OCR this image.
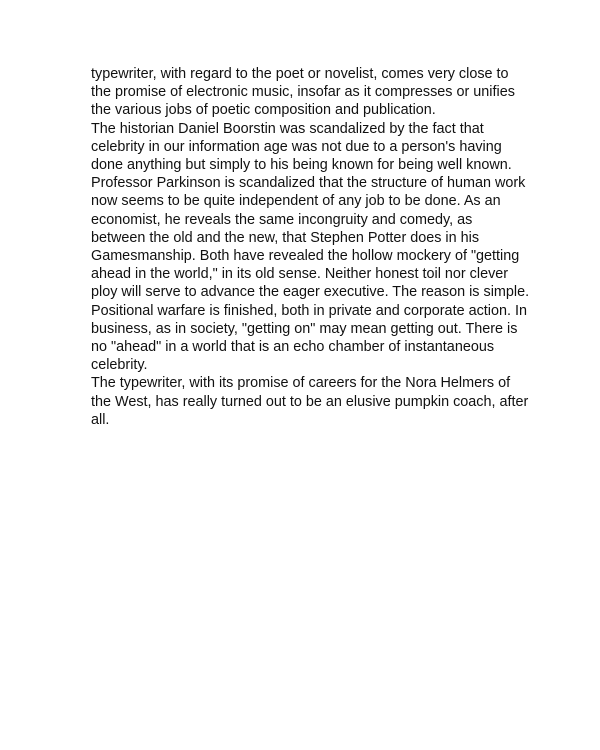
typewriter, with regard to the poet or novelist, comes very close to
the promise of electronic music, insofar as it compresses or unifies
the various jobs of poetic composition and publication.
The historian Daniel Boorstin was scandalized by the fact that
celebrity in our information age was not due to a person's having
done anything but simply to his being known for being well known.
Professor Parkinson is scandalized that the structure of human work
now seems to be quite independent of any job to be done. As an
economist, he reveals the same incongruity and comedy, as
between the old and the new, that Stephen Potter does in his
Gamesmanship. Both have revealed the hollow mockery of "getting
ahead in the world," in its old sense. Neither honest toil nor clever
ploy will serve to advance the eager executive. The reason is simple.
Positional warfare is finished, both in private and corporate action. In
business, as in society, "getting on" may mean getting out. There is
no "ahead" in a world that is an echo chamber of instantaneous
celebrity.
The typewriter, with its promise of careers for the Nora Helmers of
the West, has really turned out to be an elusive pumpkin coach, after
all.
